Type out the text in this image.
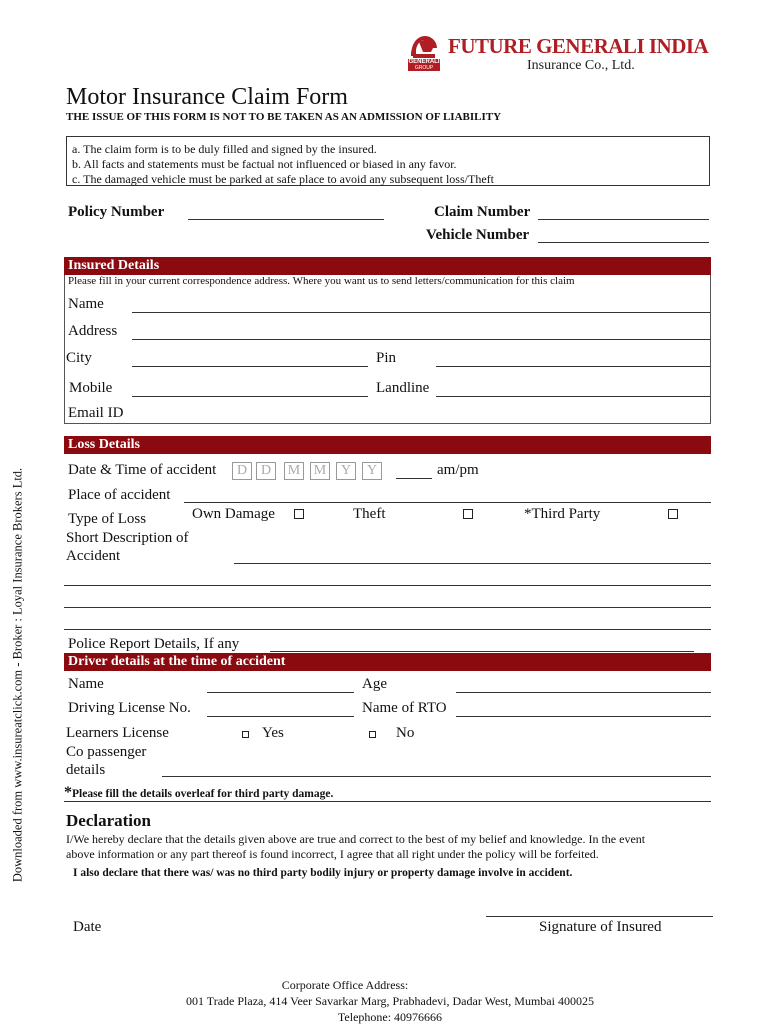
GENERALI
GROUP
FUTURE GENERALI INDIA
Insurance Co., Ltd.
Downloaded from www.insureatclick.com - Broker : Loyal Insurance Brokers Ltd.
Motor Insurance Claim Form
THE ISSUE OF THIS FORM IS NOT TO BE TAKEN AS AN ADMISSION OF LIABILITY
a. The claim form is to be duly filled and signed by the insured.
b. All facts and statements must be factual not influenced or biased in any favor.
c. The damaged vehicle must be parked at safe place to avoid any subsequent loss/Theft
Policy Number	Claim Number
Vehicle Number
Insured Details
Please fill in your current correspondence address. Where you want us to send letters/communication for this claim
Name
Address
City	Pin
Mobile	Landline
Email ID
Loss Details
Date & Time of accident	D D	M M	Y	Y	am/pm
Place of accident
Type of Loss	Own Damage	Theft	*Third Party
Short Description of
Accident
Police Report Details, If any
Driver details at the time of accident
Name	Age
Driving License No.	Name of RTO
Learners License	Yes	No
Co passenger
details
*Please fill the details overleaf for third party damage.
Declaration
I/We hereby declare that the details given above are true and correct to the best of my belief and knowledge. In the event
above information or any part thereof is found incorrect, I agree that all right under the policy will be forfeited.
I also declare that there was/ was no third party bodily injury or property damage involve in accident.
Date	Signature of Insured
Corporate Office Address:
001 Trade Plaza, 414 Veer Savarkar Marg, Prabhadevi, Dadar West, Mumbai 400025
Telephone: 40976666
